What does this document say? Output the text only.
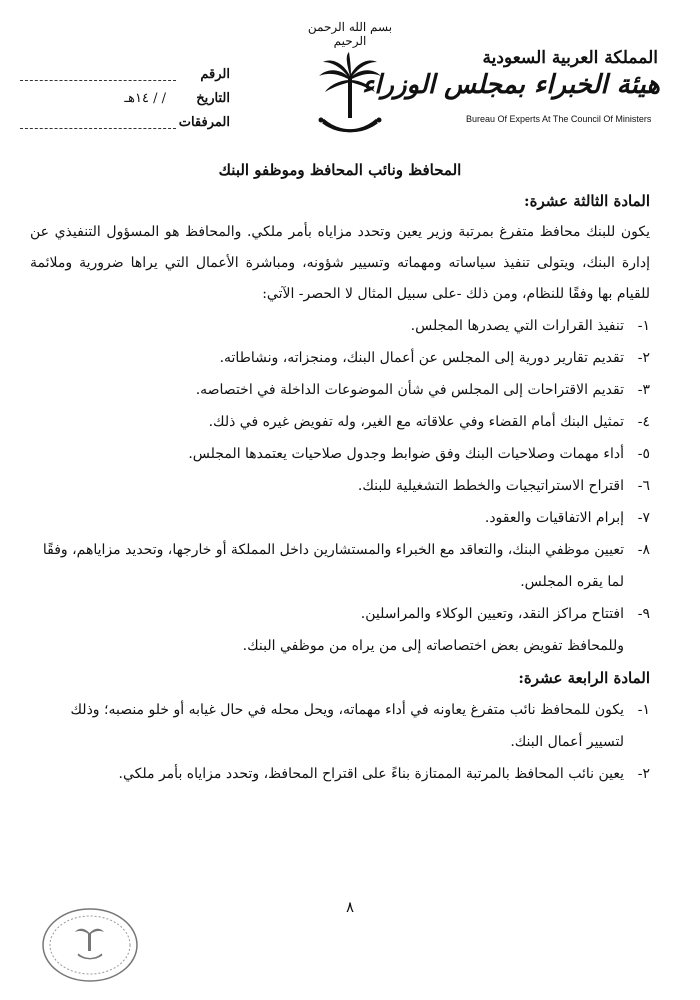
بسم الله الرحمن الرحيم
المملكة العربية السعودية
هيئة الخبراء بمجلس الوزراء
Bureau Of Experts At The Council Of Ministers
الرقم
التاريخ
/ / ١٤هـ
المرفقات
المحافظ ونائب المحافظ وموظفو البنك
المادة الثالثة عشرة:

يكون للبنك محافظ متفرغ بمرتبة وزير يعين وتحدد مزاياه بأمر ملكي. والمحافظ هو المسؤول التنفيذي عن إدارة البنك، ويتولى تنفيذ سياساته ومهماته وتسيير شؤونه، ومباشرة الأعمال التي يراها ضرورية وملائمة للقيام بها وفقًا للنظام، ومن ذلك -على سبيل المثال لا الحصر- الآتي:

١-
تنفيذ القرارات التي يصدرها المجلس.
٢-
تقديم تقارير دورية إلى المجلس عن أعمال البنك، ومنجزاته، ونشاطاته.
٣-
تقديم الاقتراحات إلى المجلس في شأن الموضوعات الداخلة في اختصاصه.
٤-
تمثيل البنك أمام القضاء وفي علاقاته مع الغير، وله تفويض غيره في ذلك.
٥-
أداء مهمات وصلاحيات البنك وفق ضوابط وجدول صلاحيات يعتمدها المجلس.
٦-
اقتراح الاستراتيجيات والخطط التشغيلية للبنك.
٧-
إبرام الاتفاقيات والعقود.
٨-
تعيين موظفي البنك، والتعاقد مع الخبراء والمستشارين داخل المملكة أو خارجها، وتحديد مزاياهم، وفقًا لما يقره المجلس.
٩-
افتتاح مراكز النقد، وتعيين الوكلاء والمراسلين.
وللمحافظ تفويض بعض اختصاصاته إلى من يراه من موظفي البنك.
المادة الرابعة عشرة:
١-
يكون للمحافظ نائب متفرغ يعاونه في أداء مهماته، ويحل محله في حال غيابه أو خلو منصبه؛ وذلك لتسيير أعمال البنك.
٢-
يعين نائب المحافظ بالمرتبة الممتازة بناءً على اقتراح المحافظ، وتحدد مزاياه بأمر ملكي.
٨
